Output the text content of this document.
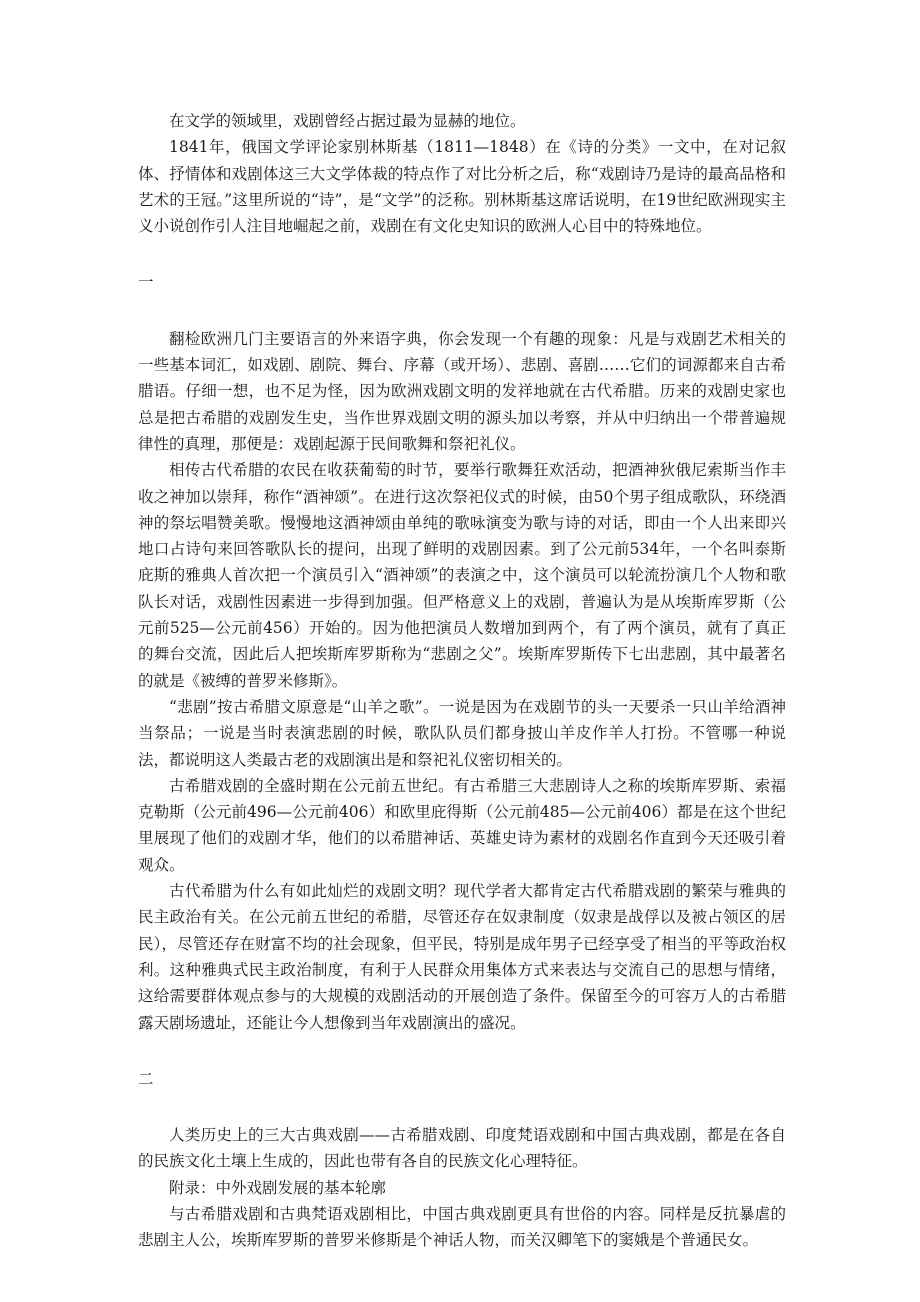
在文学的领域里，戏剧曾经占据过最为显赫的地位。

1841年，俄国文学评论家别林斯基（1811—1848）在《诗的分类》一文中，在对记叙体、抒情体和戏剧体这三大文学体裁的特点作了对比分析之后，称“戏剧诗乃是诗的最高品格和艺术的王冠。”这里所说的“诗”，是“文学”的泛称。别林斯基这席话说明，在19世纪欧洲现实主义小说创作引人注目地崛起之前，戏剧在有文化史知识的欧洲人心目中的特殊地位。

一

翻检欧洲几门主要语言的外来语字典，你会发现一个有趣的现象：凡是与戏剧艺术相关的一些基本词汇，如戏剧、剧院、舞台、序幕（或开场）、悲剧、喜剧……它们的词源都来自古希腊语。仔细一想，也不足为怪，因为欧洲戏剧文明的发祥地就在古代希腊。历来的戏剧史家也总是把古希腊的戏剧发生史，当作世界戏剧文明的源头加以考察，并从中归纳出一个带普遍规律性的真理，那便是：戏剧起源于民间歌舞和祭祀礼仪。

相传古代希腊的农民在收获葡萄的时节，要举行歌舞狂欢活动，把酒神狄俄尼索斯当作丰收之神加以崇拜，称作“酒神颂”。在进行这次祭祀仪式的时候，由50个男子组成歌队，环绕酒神的祭坛唱赞美歌。慢慢地这酒神颂由单纯的歌咏演变为歌与诗的对话，即由一个人出来即兴地口占诗句来回答歌队长的提问，出现了鲜明的戏剧因素。到了公元前534年，一个名叫泰斯庇斯的雅典人首次把一个演员引入“酒神颂”的表演之中，这个演员可以轮流扮演几个人物和歌队长对话，戏剧性因素进一步得到加强。但严格意义上的戏剧，普遍认为是从埃斯库罗斯（公元前525—公元前456）开始的。因为他把演员人数增加到两个，有了两个演员，就有了真正的舞台交流，因此后人把埃斯库罗斯称为“悲剧之父”。埃斯库罗斯传下七出悲剧，其中最著名的就是《被缚的普罗米修斯》。

“悲剧”按古希腊文原意是“山羊之歌”。一说是因为在戏剧节的头一天要杀一只山羊给酒神当祭品；一说是当时表演悲剧的时候，歌队队员们都身披山羊皮作羊人打扮。不管哪一种说法，都说明这人类最古老的戏剧演出是和祭祀礼仪密切相关的。

古希腊戏剧的全盛时期在公元前五世纪。有古希腊三大悲剧诗人之称的埃斯库罗斯、索福克勒斯（公元前496—公元前406）和欧里庇得斯（公元前485—公元前406）都是在这个世纪里展现了他们的戏剧才华，他们的以希腊神话、英雄史诗为素材的戏剧名作直到今天还吸引着观众。

古代希腊为什么有如此灿烂的戏剧文明？现代学者大都肯定古代希腊戏剧的繁荣与雅典的民主政治有关。在公元前五世纪的希腊，尽管还存在奴隶制度（奴隶是战俘以及被占领区的居民），尽管还存在财富不均的社会现象，但平民，特别是成年男子已经享受了相当的平等政治权利。这种雅典式民主政治制度，有利于人民群众用集体方式来表达与交流自己的思想与情绪，这给需要群体观点参与的大规模的戏剧活动的开展创造了条件。保留至今的可容万人的古希腊露天剧场遗址，还能让今人想像到当年戏剧演出的盛况。

二

人类历史上的三大古典戏剧——古希腊戏剧、印度梵语戏剧和中国古典戏剧，都是在各自的民族文化土壤上生成的，因此也带有各自的民族文化心理特征。

附录：中外戏剧发展的基本轮廓

与古希腊戏剧和古典梵语戏剧相比，中国古典戏剧更具有世俗的内容。同样是反抗暴虐的悲剧主人公，埃斯库罗斯的普罗米修斯是个神话人物，而关汉卿笔下的窦娥是个普通民女。
